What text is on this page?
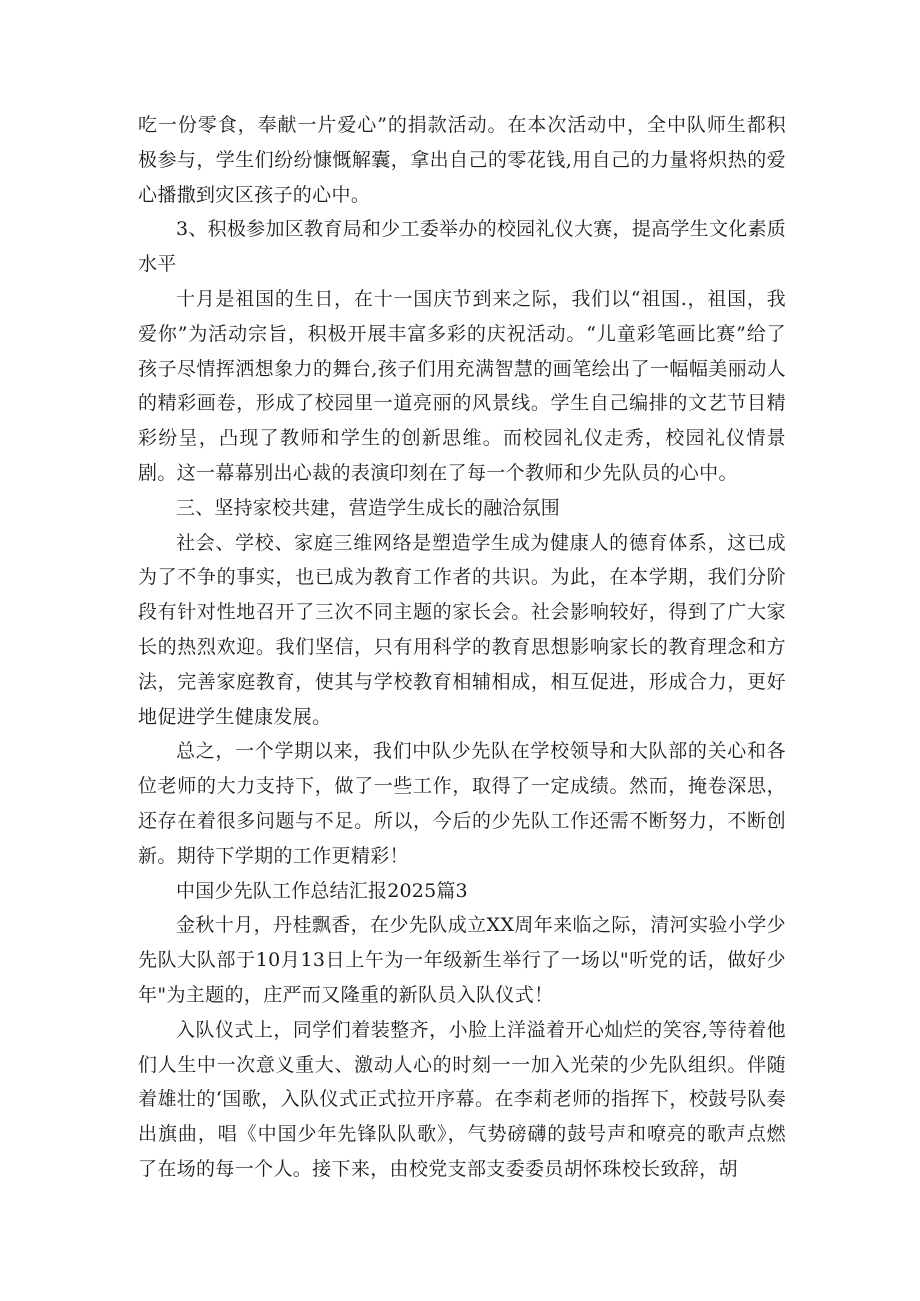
吃一份零食，奉献一片爱心”的捐款活动。在本次活动中，全中队师生都积极参与，学生们纷纷慷慨解囊，拿出自己的零花钱,用自己的力量将炽热的爱心播撒到灾区孩子的心中。

3、积极参加区教育局和少工委举办的校园礼仪大赛，提高学生文化素质水平

十月是祖国的生日，在十一国庆节到来之际，我们以“祖国.，祖国，我爱你”为活动宗旨，积极开展丰富多彩的庆祝活动。“儿童彩笔画比赛”给了孩子尽情挥洒想象力的舞台,孩子们用充满智慧的画笔绘出了一幅幅美丽动人的精彩画卷，形成了校园里一道亮丽的风景线。学生自己编排的文艺节目精彩纷呈，凸现了教师和学生的创新思维。而校园礼仪走秀，校园礼仪情景剧。这一幕幕别出心裁的表演印刻在了每一个教师和少先队员的心中。

三、坚持家校共建，营造学生成长的融洽氛围

社会、学校、家庭三维网络是塑造学生成为健康人的德育体系，这已成为了不争的事实，也已成为教育工作者的共识。为此，在本学期，我们分阶段有针对性地召开了三次不同主题的家长会。社会影响较好，得到了广大家长的热烈欢迎。我们坚信，只有用科学的教育思想影响家长的教育理念和方法，完善家庭教育，使其与学校教育相辅相成，相互促进，形成合力，更好地促进学生健康发展。

总之，一个学期以来，我们中队少先队在学校领导和大队部的关心和各位老师的大力支持下，做了一些工作，取得了一定成绩。然而，掩卷深思，还存在着很多问题与不足。所以，今后的少先队工作还需不断努力，不断创新。期待下学期的工作更精彩！

中国少先队工作总结汇报2025篇3

金秋十月，丹桂飘香，在少先队成立XX周年来临之际，清河实验小学少先队大队部于10月13日上午为一年级新生举行了一场以"听党的话，做好少年"为主题的，庄严而又隆重的新队员入队仪式！

入队仪式上，同学们着装整齐，小脸上洋溢着开心灿烂的笑容,等待着他们人生中一次意义重大、激动人心的时刻一一加入光荣的少先队组织。伴随着雄壮的‘国歌，入队仪式正式拉开序幕。在李莉老师的指挥下，校鼓号队奏出旗曲，唱《中国少年先锋队队歌》，气势磅礴的鼓号声和嘹亮的歌声点燃了在场的每一个人。接下来，由校党支部支委委员胡怀珠校长致辞，胡
